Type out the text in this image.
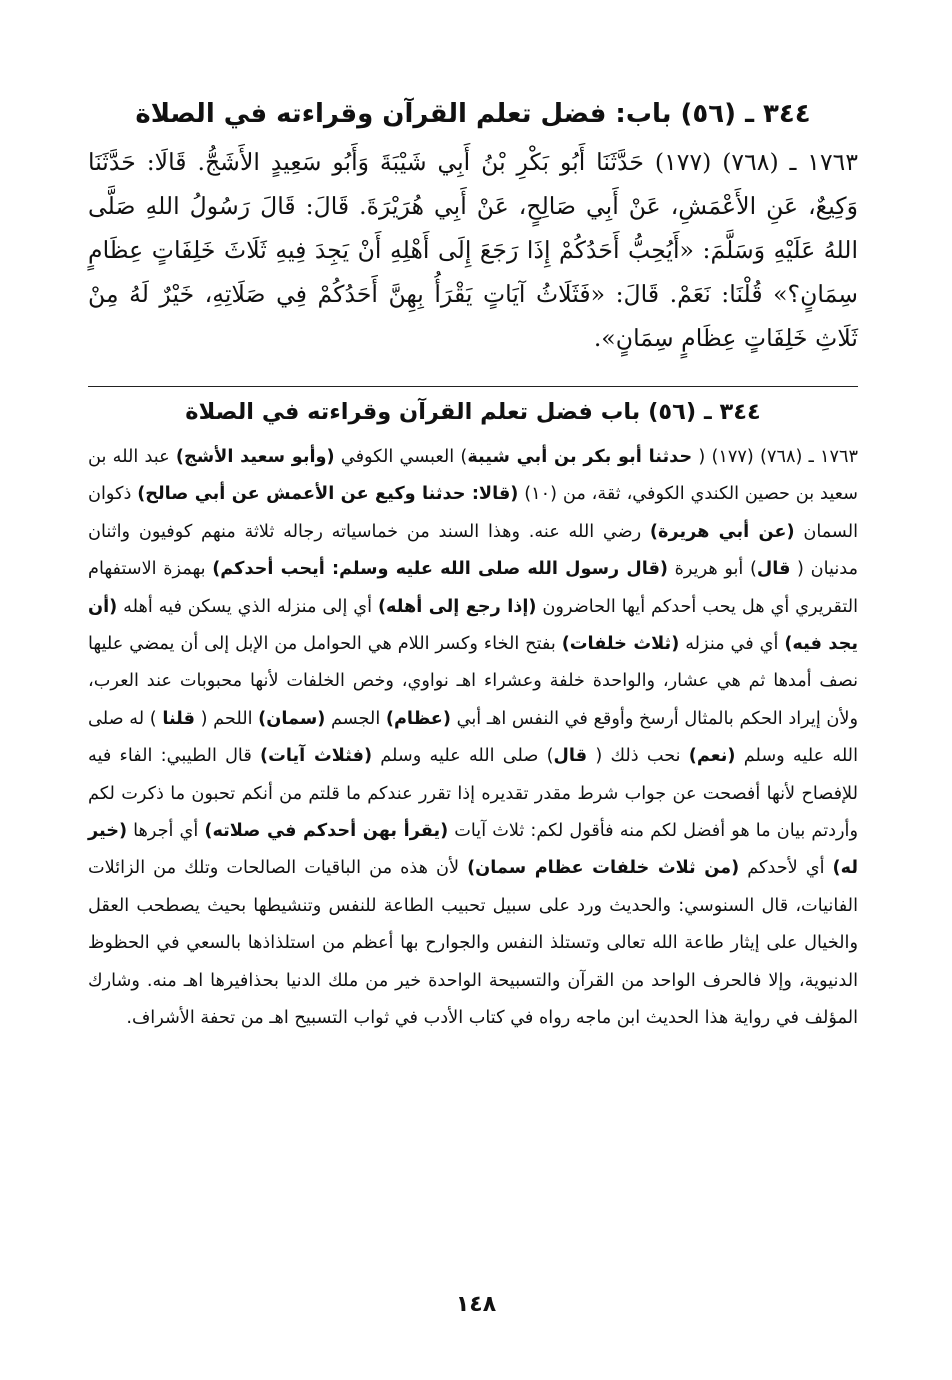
٣٤٤ ـ (٥٦) باب: فضل تعلم القرآن وقراءته في الصلاة

١٧٦٣ ـ (٧٦٨) (١٧٧) حَدَّثَنَا أَبُو بَكْرِ بْنُ أَبِي شَيْبَةَ وَأَبُو سَعِيدٍ الأَشَجُّ. قَالَا: حَدَّثَنَا وَكِيعٌ، عَنِ الأَعْمَشِ، عَنْ أَبِي صَالِحٍ، عَنْ أَبِي هُرَيْرَةَ. قَالَ: قَالَ رَسُولُ اللهِ صَلَّى اللهُ عَلَيْهِ وَسَلَّمَ: «أَيُحِبُّ أَحَدُكُمْ إِذَا رَجَعَ إِلَى أَهْلِهِ أَنْ يَجِدَ فِيهِ ثَلَاثَ خَلِفَاتٍ عِظَامٍ سِمَانٍ؟» قُلْنَا: نَعَمْ. قَالَ: «فَثَلَاثُ آيَاتٍ يَقْرَأُ بِهِنَّ أَحَدُكُمْ فِي صَلَاتِهِ، خَيْرٌ لَهُ مِنْ ثَلَاثِ خَلِفَاتٍ عِظَامٍ سِمَانٍ».

٣٤٤ ـ (٥٦) باب فضل تعلم القرآن وقراءته في الصلاة

١٧٦٣ ـ (٧٦٨) (١٧٧) ( حدثنا أبو بكر بن أبي شيبة) العبسي الكوفي (وأبو سعيد الأشج) عبد الله بن سعيد بن حصين الكندي الكوفي، ثقة، من (١٠) (قالا: حدثنا وكيع عن الأعمش عن أبي صالح) ذكوان السمان (عن أبي هريرة) رضي الله عنه. وهذا السند من خماسياته رجاله ثلاثة منهم كوفيون واثنان مدنيان ( قال) أبو هريرة (قال رسول الله صلى الله عليه وسلم: أيحب أحدكم) بهمزة الاستفهام التقريري أي هل يحب أحدكم أيها الحاضرون (إذا رجع إلى أهله) أي إلى منزله الذي يسكن فيه أهله (أن يجد فيه) أي في منزله (ثلاث خلفات) بفتح الخاء وكسر اللام هي الحوامل من الإبل إلى أن يمضي عليها نصف أمدها ثم هي عشار، والواحدة خلفة وعشراء اهـ نواوي، وخص الخلفات لأنها محبوبات عند العرب، ولأن إيراد الحكم بالمثال أرسخ وأوقع في النفس اهـ أبي (عظام) الجسم (سمان) اللحم ( قلنا ) له صلى الله عليه وسلم (نعم) نحب ذلك ( قال) صلى الله عليه وسلم (فثلاث آيات) قال الطيبي: الفاء فيه للإفصاح لأنها أفصحت عن جواب شرط مقدر تقديره إذا تقرر عندكم ما قلتم من أنكم تحبون ما ذكرت لكم وأردتم بيان ما هو أفضل لكم منه فأقول لكم: ثلاث آيات (يقرأ بهن أحدكم في صلاته) أي أجرها (خير له) أي لأحدكم (من ثلاث خلفات عظام سمان) لأن هذه من الباقيات الصالحات وتلك من الزائلات الفانيات، قال السنوسي: والحديث ورد على سبيل تحبيب الطاعة للنفس وتنشيطها بحيث يصطحب العقل والخيال على إيثار طاعة الله تعالى وتستلذ النفس والجوارح بها أعظم من استلذاذها بالسعي في الحظوظ الدنيوية، وإلا فالحرف الواحد من القرآن والتسبيحة الواحدة خير من ملك الدنيا بحذافيرها اهـ منه. وشارك المؤلف في رواية هذا الحديث ابن ماجه رواه في كتاب الأدب في ثواب التسبيح اهـ من تحفة الأشراف.

١٤٨
